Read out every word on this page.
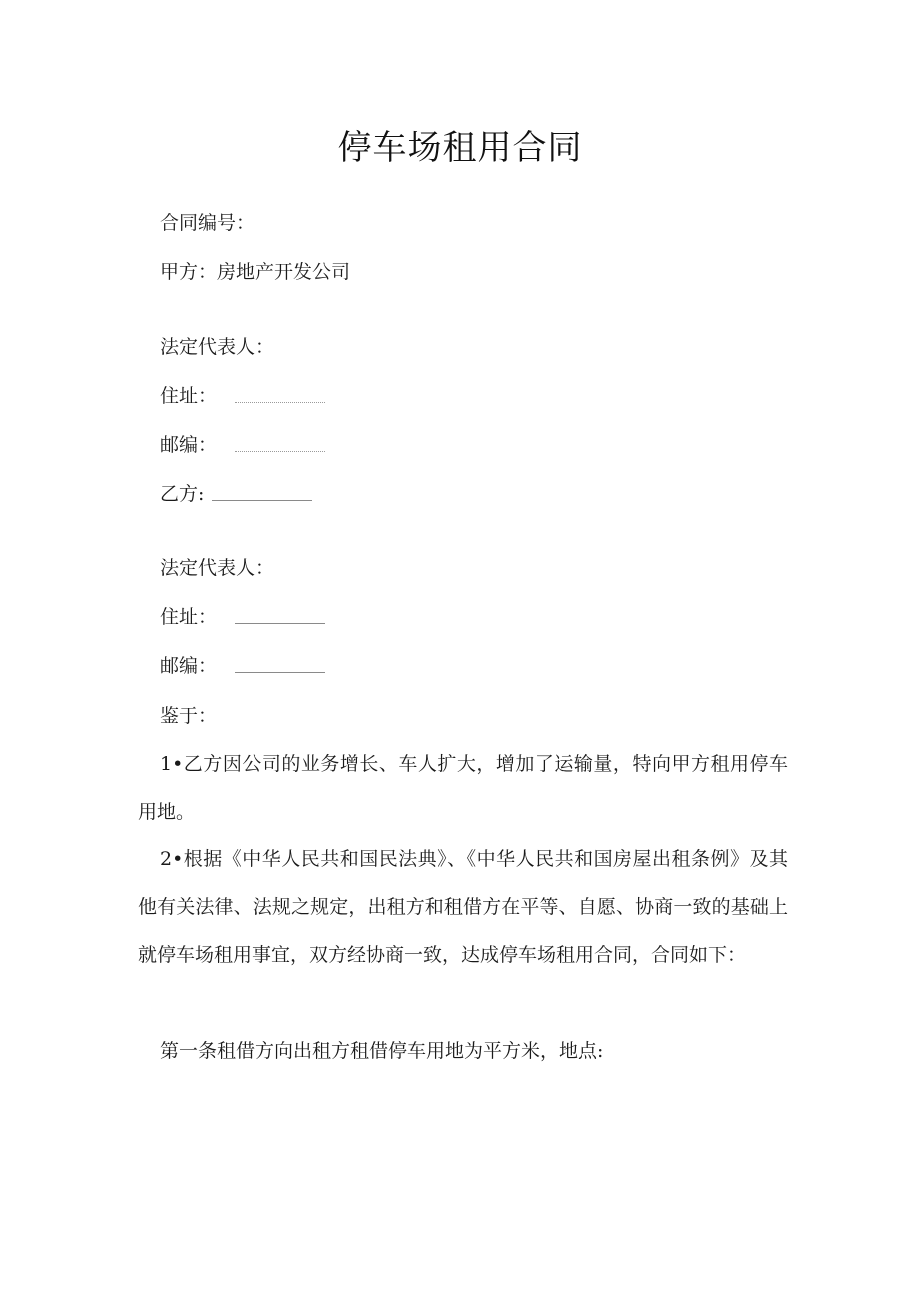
停车场租用合同
合同编号：
甲方：房地产开发公司
法定代表人：
住址：
邮编：
乙方:
法定代表人：
住址：
邮编：
鉴于：

1•乙方因公司的业务增长、车人扩大，增加了运输量，特向甲方租用停车用地。

2•根据《中华人民共和国民法典》、《中华人民共和国房屋出租条例》及其他有关法律、法规之规定，出租方和租借方在平等、自愿、协商一致的基础上就停车场租用事宜，双方经协商一致，达成停车场租用合同，合同如下：

第一条租借方向出租方租借停车用地为平方米，地点:
